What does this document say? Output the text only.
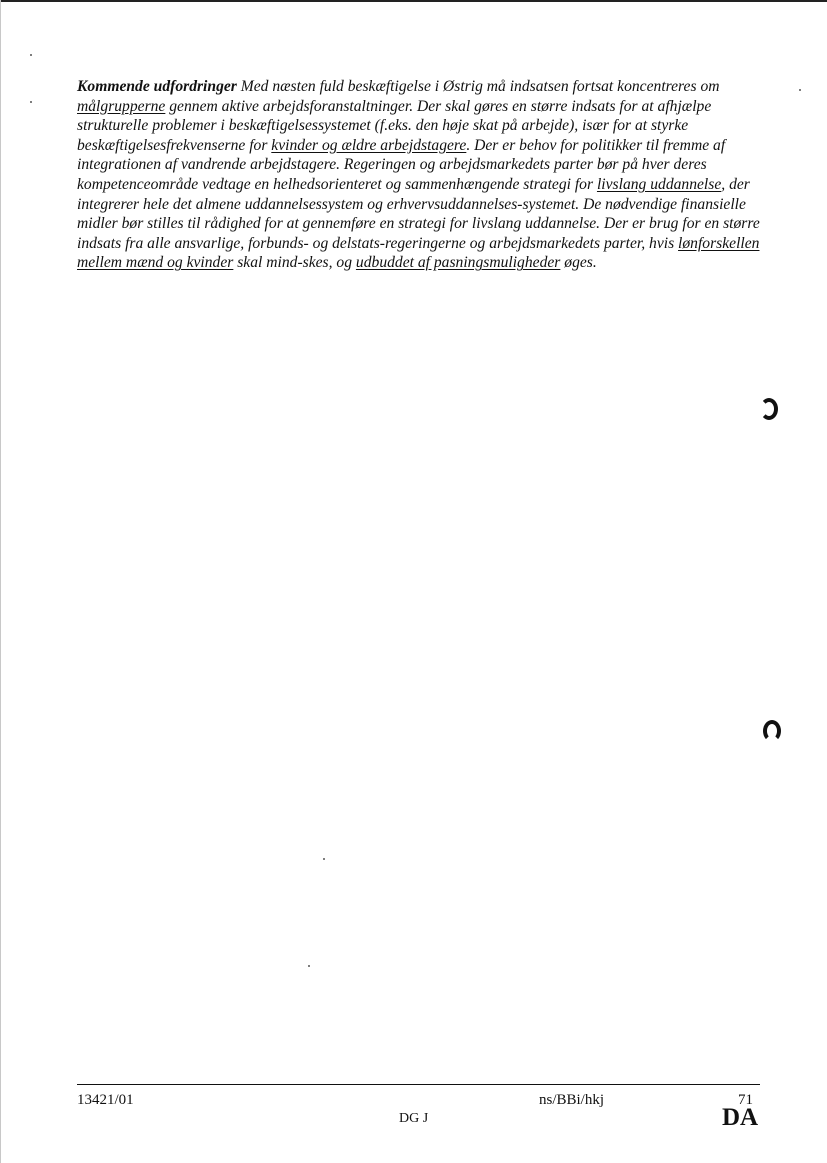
Kommende udfordringer Med næsten fuld beskæftigelse i Østrig må indsatsen fortsat koncentreres om målgrupperne gennem aktive arbejdsforanstaltninger. Der skal gøres en større indsats for at afhjælpe strukturelle problemer i beskæftigelsessystemet (f.eks. den høje skat på arbejde), især for at styrke beskæftigelsesfrekvenserne for kvinder og ældre arbejdstagere. Der er behov for politikker til fremme af integrationen af vandrende arbejdstagere. Regeringen og arbejdsmarkedets parter bør på hver deres kompetenceområde vedtage en helhedsorienteret og sammenhængende strategi for livslang uddannelse, der integrerer hele det almene uddannelsessystem og erhvervsuddannelses-systemet. De nødvendige finansielle midler bør stilles til rådighed for at gennemføre en strategi for livslang uddannelse. Der er brug for en større indsats fra alle ansvarlige, forbunds- og delstats-regeringerne og arbejdsmarkedets parter, hvis lønforskellen mellem mænd og kvinder skal mind-skes, og udbuddet af pasningsmuligheder øges.

13421/01	ns/BBi/hkj	71
DG J	DA
